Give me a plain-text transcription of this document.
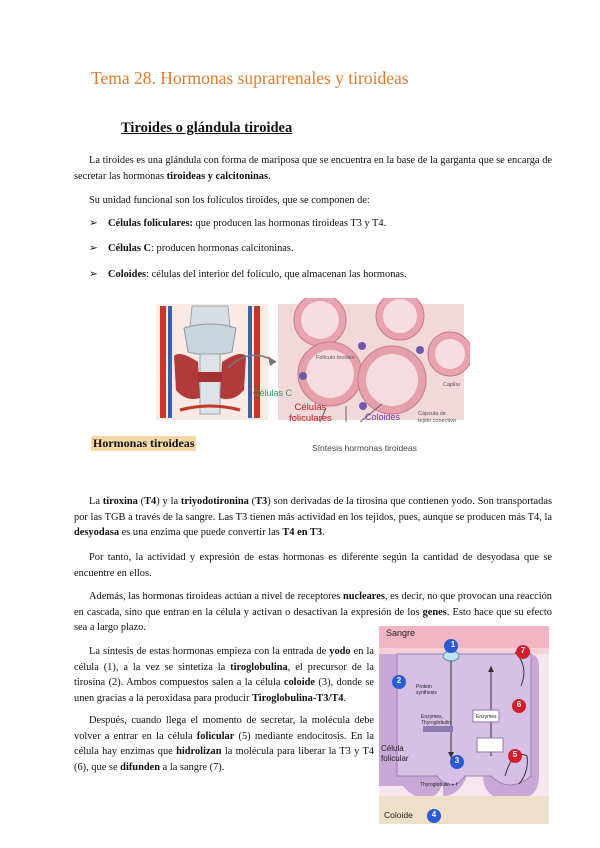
Tema 28. Hormonas suprarrenales y tiroideas
Tiroides o glándula tiroidea
La tiroides es una glándula con forma de mariposa que se encuentra en la base de la garganta que se encarga de secretar las hormonas tiroideas y calcitoninas.
Su unidad funcional son los folículos tiroides, que se componen de:
➢ Células foliculares: que producen las hormonas tiroideas T3 y T4.
➢ Células C: producen hormonas calcitoninas.
➢ Coloides: células del interior del folículo, que almacenan las hormonas.
Folículo tiroideo
Capilar
Células C
Células
foliculares	Coloides	Cápsula de
tejido conectivo
Síntesis hormonas tiroideas
Hormonas tiroideas
La tiroxina (T4) y la triyodotironina (T3) son derivadas de la tirosina que contienen yodo. Son transportadas por las TGB a través de la sangre. Las T3 tienen más actividad en los tejidos, pues, aunque se producen más T4, la desyodasa es una enzima que puede convertir las T4 en T3.
Por tanto, la actividad y expresión de estas hormonas es diferente según la cantidad de desyodasa que se encuentre en ellos.
Además, las hormonas tiroideas actúan a nivel de receptores nucleares, es decir, no que provocan una reacción en cascada, sino que entran en la célula y activan o desactivan la expresión de los genes. Esto hace que su efecto sea a largo plazo.
La síntesis de estas hormonas empieza con la entrada de yodo en la célula (1), a la vez se sintetiza la tiroglobulina, el precursor de la tirosina (2). Ambos compuestos salen a la célula coloide (3), donde se unen gracias a la peroxidasa para producir Tiroglobulina-T3/T4.
Después, cuando llega el momento de secretar, la molécula debe volver a entrar en la célula folicular (5) mediante endocitosis. En la célula hay enzimas que hidrolizan la molécula para liberar la T3 y T4 (6), que se difunden a la sangre (7).
Sangre
Célula
folicular
Coloide
Protein
synthesis
Enzymes,
Thyroglobulin
Enzymes
Thyroglobulin + I⁻
1
2
3
4
5
6
7
